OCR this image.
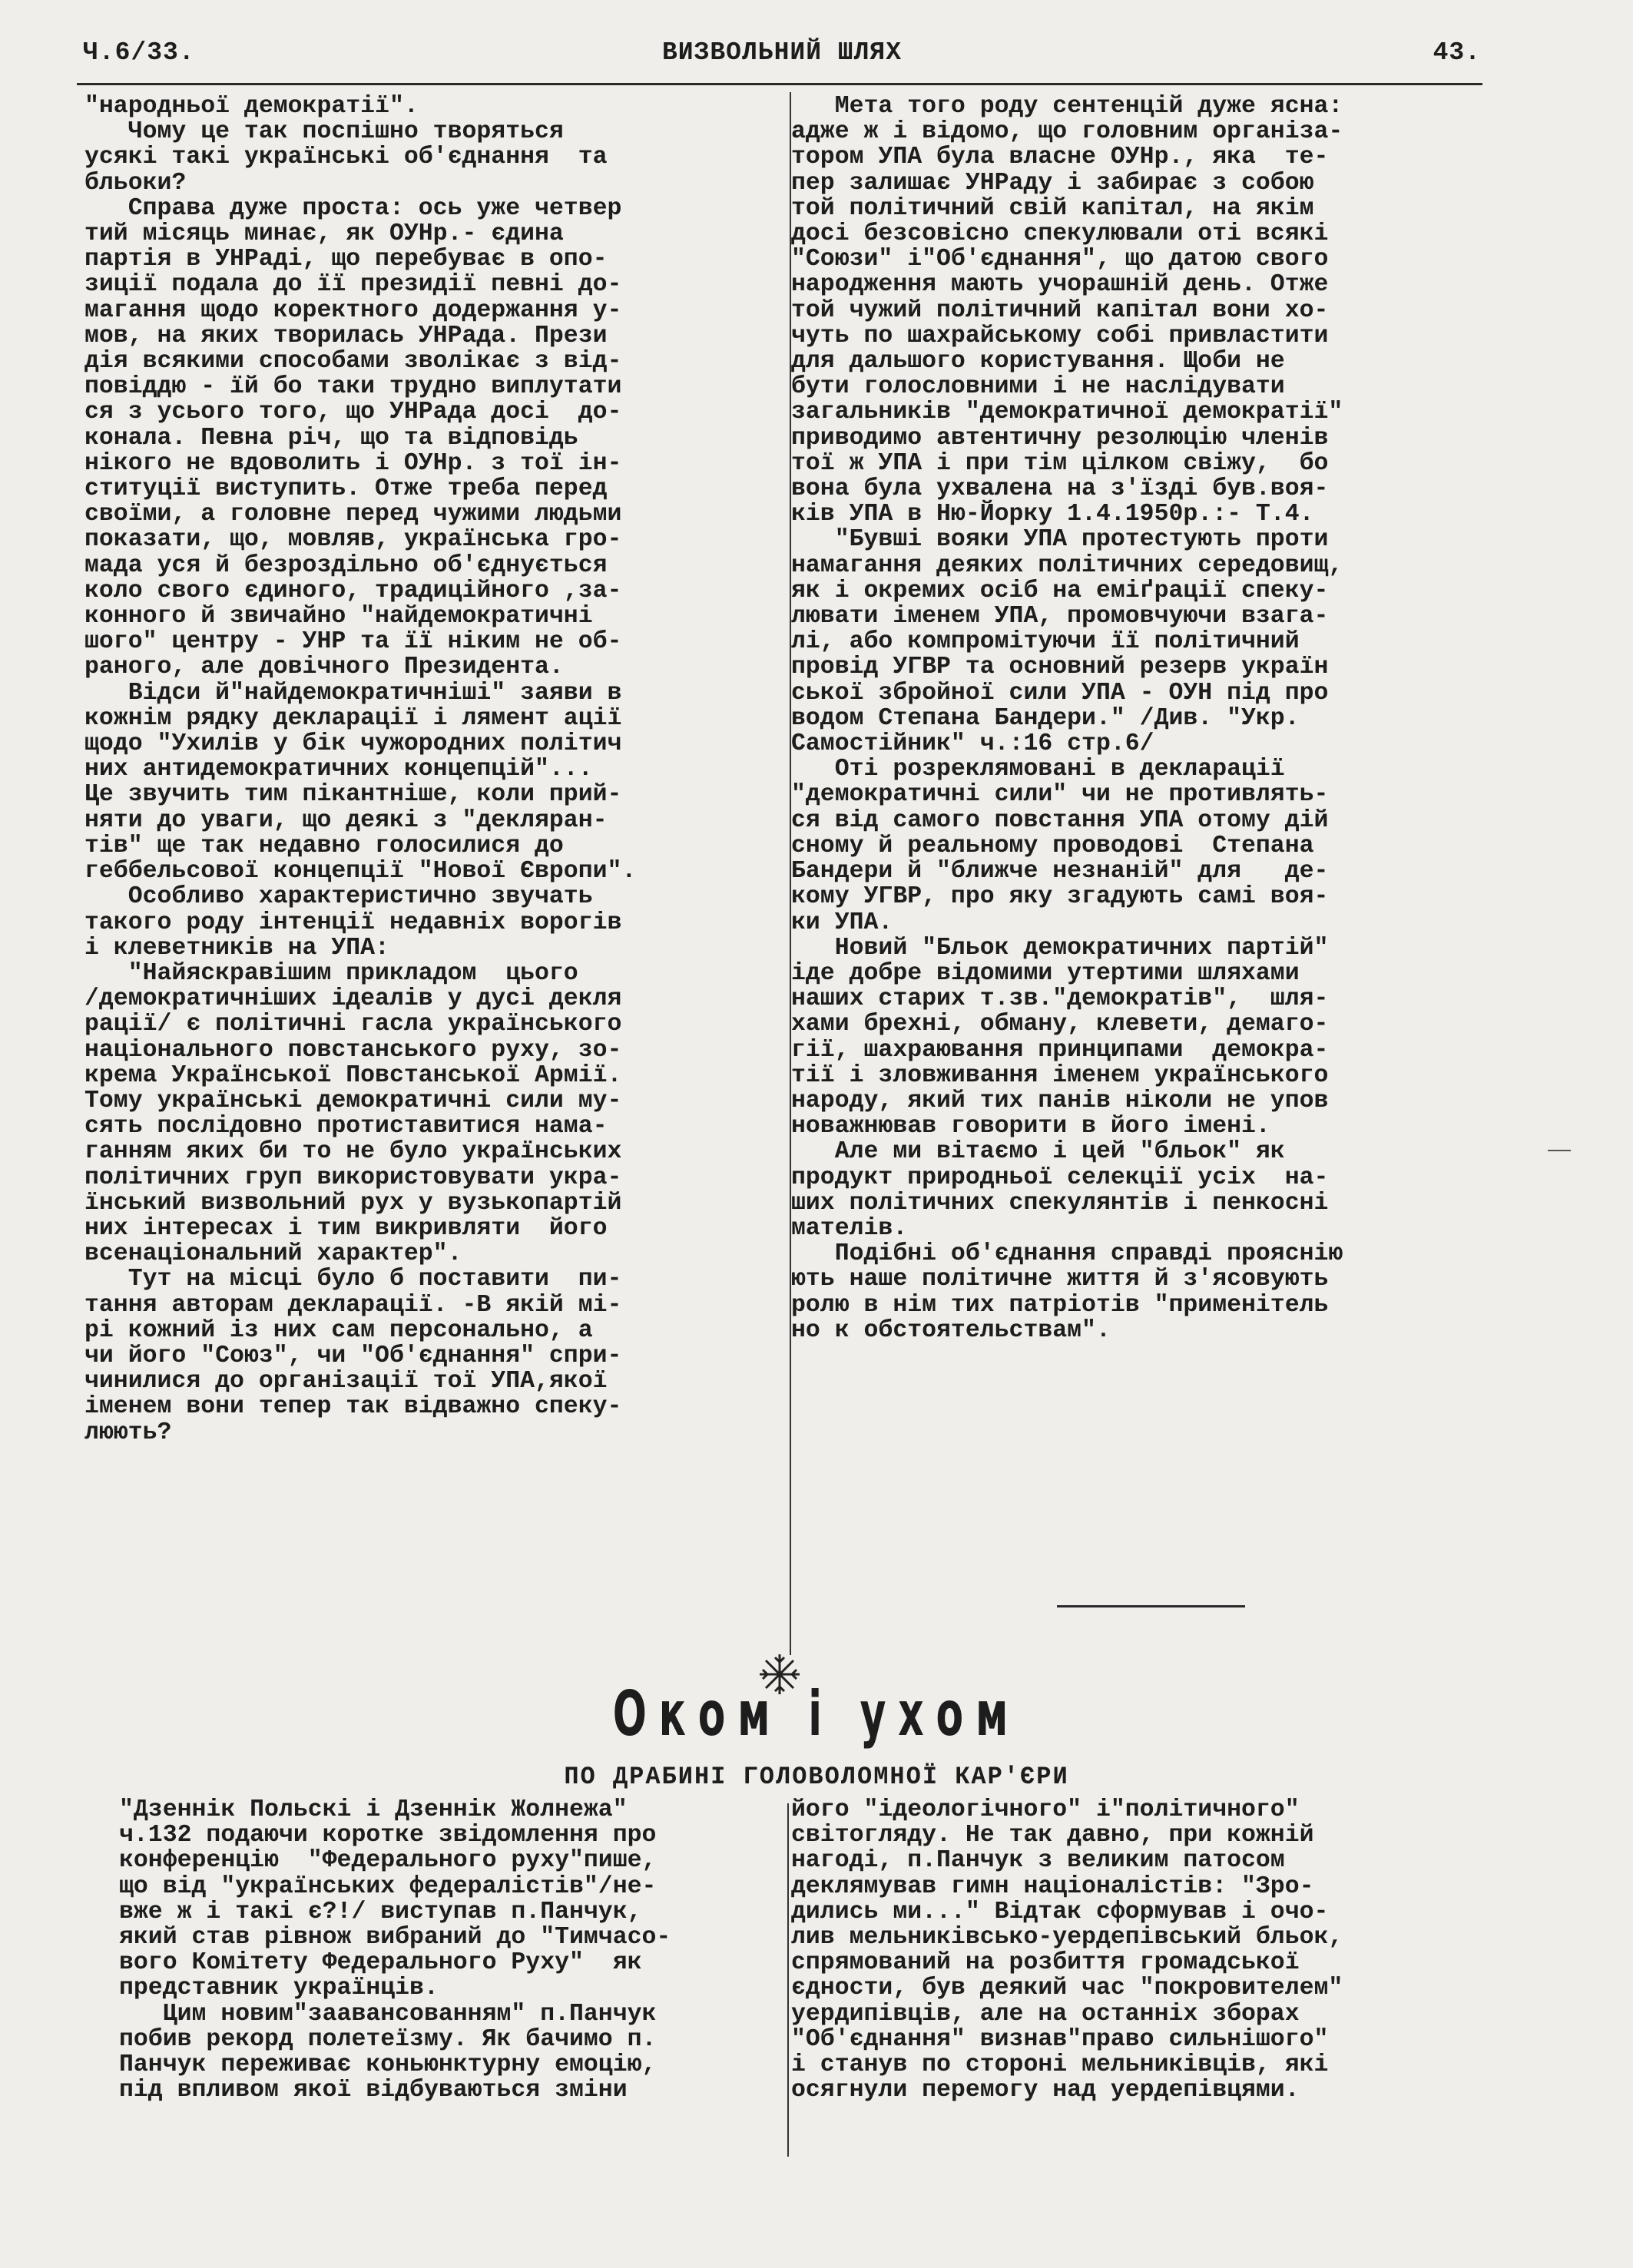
Ч.6/33.	ВИЗВОЛЬНИЙ ШЛЯХ	43.

"народньої демократії".

Чому це так поспішно творяться

усякі такі українські об'єднання  та

бльоки?

Справа дуже проста: ось уже четвер

тий місяць минає, як ОУНр.- єдина

партія в УНРаді, що перебуває в опо-

зиції подала до її президії певні до-

магання щодо коректного додержання у-

мов, на яких творилась УНРада. Прези

дія всякими способами зволікає з від-

повіддю - їй бо таки трудно виплутати

ся з усього того, що УНРада досі  до-

конала. Певна річ, що та відповідь

нікого не вдоволить і ОУНр. з тої ін-

ституції виступить. Отже треба перед

своїми, а головне перед чужими людьми

показати, що, мовляв, українська гро-

мада уся й безроздільно об'єднується

коло свого єдиного, традиційного ,за-

конного й звичайно "найдемократичні

шого" центру - УНР та її ніким не об-

раного, але довічного Президента.

Відси й"найдемократичніші" заяви в

кожнім рядку декларації і лямент ації

щодо "Ухилів у бік чужородних політич

них антидемократичних концепцій"...

Це звучить тим пікантніше, коли прий-

няти до уваги, що деякі з "декляран-

тів" ще так недавно голосилися до

геббельсової концепції "Нової Європи".

Особливо характеристично звучать

такого роду інтенції недавніх ворогів

і клеветників на УПА:

"Найяскравішим прикладом  цього

/демократичніших ідеалів у дусі декля

рації/ є політичні гасла українського

національного повстанського руху, зо-

крема Української Повстанської Армії.

Тому українські демократичні сили му-

сять послідовно протиставитися нама-

ганням яких би то не було українських

політичних груп використовувати укра-

їнський визвольний рух у вузькопартій

них інтересах і тим викривляти  його

всенаціональний характер".

Тут на місці було б поставити  пи-

тання авторам декларації. -В якій мі-

рі кожний із них сам персонально, а

чи його "Союз", чи "Об'єднання" спри-

чинилися до організації тої УПА,якої

іменем вони тепер так відважно спеку-

люють?

Мета того роду сентенцій дуже ясна:

адже ж і відомо, що головним організа-

тором УПА була власне ОУНр., яка  те-

пер залишає УНРаду і забирає з собою

той політичний свій капітал, на якім

досі безсовісно спекулювали оті всякі

"Союзи" і"Об'єднання", що датою свого

народження мають учорашній день. Отже

той чужий політичний капітал вони хо-

чуть по шахрайському собі привластити

для дальшого користування. Щоби не

бути голословними і не наслідувати

загальників "демократичної демократії"

приводимо автентичну резолюцію членів

тої ж УПА і при тім цілком свіжу,  бо

вона була ухвалена на з'їзді був.воя-

ків УПА в Ню-Йорку 1.4.1950р.:- Т.4.

"Бувші вояки УПА протестують проти

намагання деяких політичних середовищ,

як і окремих осіб на еміґрації спеку-

лювати іменем УПА, промовчуючи взага-

лі, або компромітуючи її політичний

провід УГВР та основний резерв україн

ської збройної сили УПА - ОУН під про

водом Степана Бандери." /Див. "Укр.

Самостійник" ч.:16 стр.6/

Оті розреклямовані в декларації

"демократичні сили" чи не противлять-

ся від самого повстання УПА отому дій

сному й реальному проводові  Степана

Бандери й "ближче незнаній" для   де-

кому УГВР, про яку згадують самі воя-

ки УПА.

Новий "Бльок демократичних партій"

іде добре відомими утертими шляхами

наших старих т.зв."демократів",  шля-

хами брехні, обману, клевети, демаго-

гії, шахраювання принципами  демокра-

тії і зловживання іменем українського

народу, який тих панів ніколи не упов

новажнював говорити в його імені.

Але ми вітаємо і цей "бльок" як

продукт природньої селекції усіх  на-

ших політичних спекулянтів і пенкосні

мателів.

Подібні об'єднання справді прояснію

ють наше політичне життя й з'ясовують

ролю в нім тих патріотів "применітель

но к обстоятельствам".

Оком і ухом
ПО ДРАБИНІ ГОЛОВОЛОМНОЇ КАР'ЄРИ

"Дзеннік Польскі і Дзеннік Жолнежа"

ч.132 подаючи коротке звідомлення про

конференцію  "Федерального руху"пише,

що від "українських федералістів"/не-

вже ж і такі є?!/ виступав п.Панчук,

який став рівнож вибраний до "Тимчасо-

вого Комітету Федерального Руху"  як

представник українців.

Цим новим"заавансованням" п.Панчук

побив рекорд полетеїзму. Як бачимо п.

Панчук переживає коньюнктурну емоцію,

під впливом якої відбуваються зміни

його "ідеологічного" і"політичного"

світогляду. Не так давно, при кожній

нагоді, п.Панчук з великим патосом

деклямував гимн націоналістів: "Зро-

дились ми..." Відтак сформував і очо-

лив мельниківсько-уердепівський бльок,

спрямований на розбиття громадської

єдности, був деякий час "покровителем"

уердипівців, але на останніх зборах

"Об'єднання" визнав"право сильнішого"

і станув по стороні мельниківців, які

осягнули перемогу над уердепівцями.
